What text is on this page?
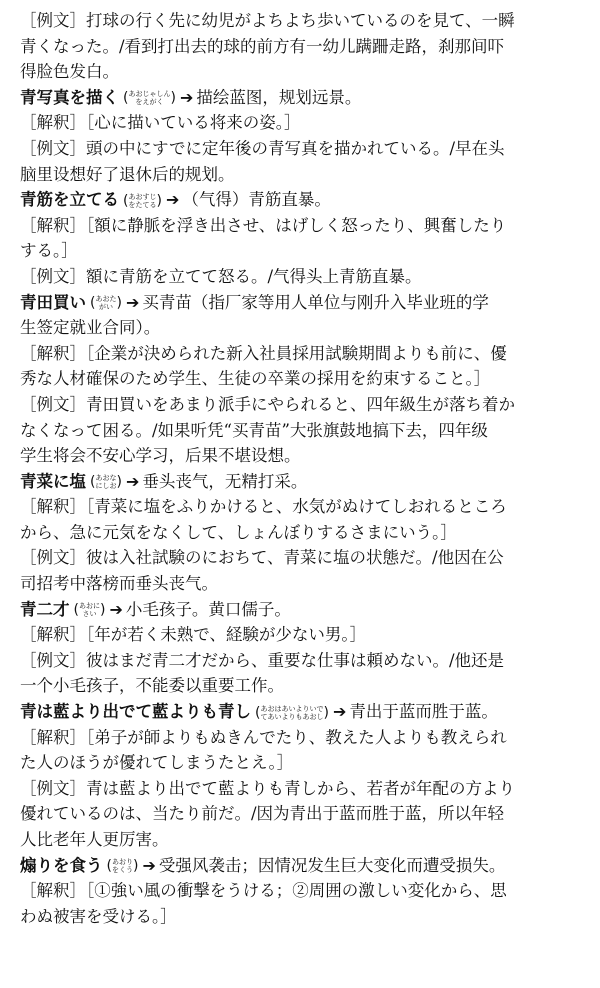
［例文］打球の行く先に幼児がよちよち歩いているのを見て、一瞬
青くなった。/看到打出去的球的前方有一幼儿蹒跚走路，刹那间吓
得脸色发白。
青写真を描く ( あおじゃしん
をえがく ) ➔ 描绘蓝图，规划远景。
［解釈］［心に描いている将来の姿。］
［例文］頭の中にすでに定年後の青写真を描かれている。/早在头
脑里设想好了退休后的规划。
青筋を立てる ( あおすじ
をたてる ) ➔ （气得）青筋直暴。
［解釈］［額に静脈を浮き出させ、はげしく怒ったり、興奮したり
する。］
［例文］額に青筋を立てて怒る。/气得头上青筋直暴。
青田買い ( あおた
がい ) ➔ 买青苗（指厂家等用人单位与刚升入毕业班的学
生签定就业合同）。
［解釈］［企業が決められた新入社員採用試験期間よりも前に、優
秀な人材確保のため学生、生徒の卒業の採用を約束すること。］
［例文］青田買いをあまり派手にやられると、四年級生が落ち着か
なくなって困る。/如果听凭“买青苗”大张旗鼓地搞下去，四年级
学生将会不安心学习，后果不堪设想。
青菜に塩 ( あおな
にしお ) ➔ 垂头丧气，无精打采。
［解釈］［青菜に塩をふりかけると、水気がぬけてしおれるところ
から、急に元気をなくして、しょんぼりするさまにいう。］
［例文］彼は入社試験のにおちて、青菜に塩の状態だ。/他因在公
司招考中落榜而垂头丧气。
青二才 ( あおに
さい ) ➔ 小毛孩子。黄口儒子。
［解釈］［年が若く未熟で、経験が少ない男。］
［例文］彼はまだ青二才だから、重要な仕事は頼めない。/他还是
一个小毛孩子，不能委以重要工作。
青は藍より出でて藍よりも青し ( あおはあいよりいで
てあいよりもあおし ) ➔ 青出于蓝而胜于蓝。
［解釈］［弟子が師よりもぬきんでたり、教えた人よりも教えられ
た人のほうが優れてしまうたとえ。］
［例文］青は藍より出でて藍よりも青しから、若者が年配の方より
優れているのは、当たり前だ。/因为青出于蓝而胜于蓝，所以年轻
人比老年人更厉害。
煽りを食う ( あおり
をくう ) ➔ 受强风袭击；因情况发生巨大变化而遭受损失。
［解釈］［①強い風の衝撃をうける；②周囲の激しい変化から、思
わぬ被害を受ける。］
